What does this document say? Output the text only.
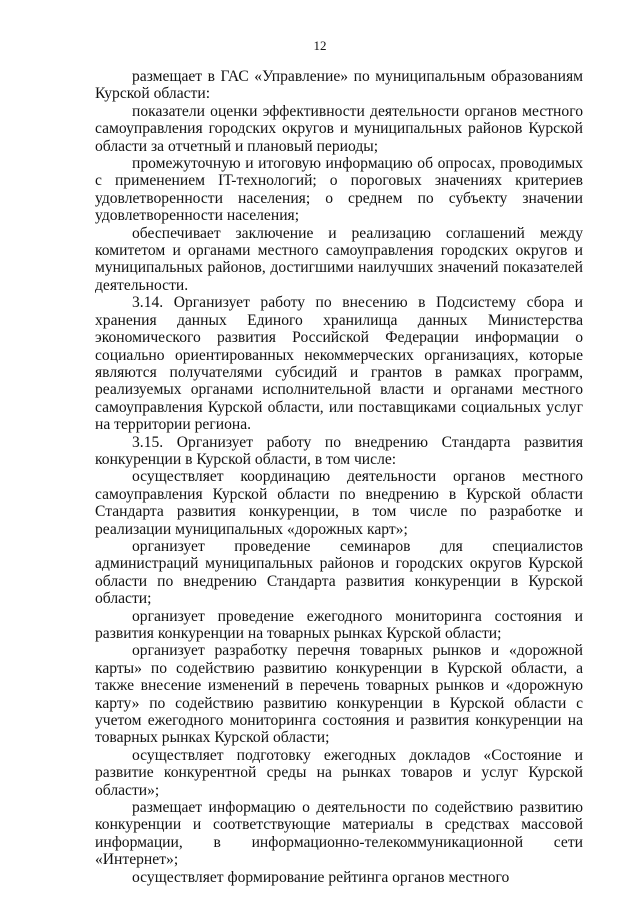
12

размещает в ГАС «Управление» по муниципальным образованиям Курской области:

показатели оценки эффективности деятельности органов местного самоуправления городских округов и муниципальных районов Курской области за отчетный и плановый периоды;

промежуточную и итоговую информацию об опросах, проводимых с применением IT-технологий; о пороговых значениях критериев удовлетворенности населения; о среднем по субъекту значении удовлетворенности населения;

обеспечивает заключение и реализацию соглашений между комитетом и органами местного самоуправления городских округов и муниципальных районов, достигшими наилучших значений показателей деятельности.

3.14. Организует работу по внесению в Подсистему сбора и хранения данных Единого хранилища данных Министерства экономического развития Российской Федерации информации о социально ориентированных некоммерческих организациях, которые являются получателями субсидий и грантов в рамках программ, реализуемых органами исполнительной власти и органами местного самоуправления Курской области, или поставщиками социальных услуг на территории региона.

3.15. Организует работу по внедрению Стандарта развития конкуренции в Курской области, в том числе:

осуществляет координацию деятельности органов местного самоуправления Курской области по внедрению в Курской области Стандарта развития конкуренции, в том числе по разработке и реализации муниципальных «дорожных карт»;

организует проведение семинаров для специалистов администраций муниципальных районов и городских округов Курской области по внедрению Стандарта развития конкуренции в Курской области;

организует проведение ежегодного мониторинга состояния и развития конкуренции на товарных рынках Курской области;

организует разработку перечня товарных рынков и «дорожной карты» по содействию развитию конкуренции в Курской области, а также внесение изменений в перечень товарных рынков и «дорожную карту» по содействию развитию конкуренции в Курской области с учетом ежегодного мониторинга состояния и развития конкуренции на товарных рынках Курской области;

осуществляет подготовку ежегодных докладов «Состояние и развитие конкурентной среды на рынках товаров и услуг Курской области»;

размещает информацию о деятельности по содействию развитию конкуренции и соответствующие материалы в средствах массовой информации, в информационно-телекоммуникационной сети «Интернет»;

осуществляет формирование рейтинга органов местного
